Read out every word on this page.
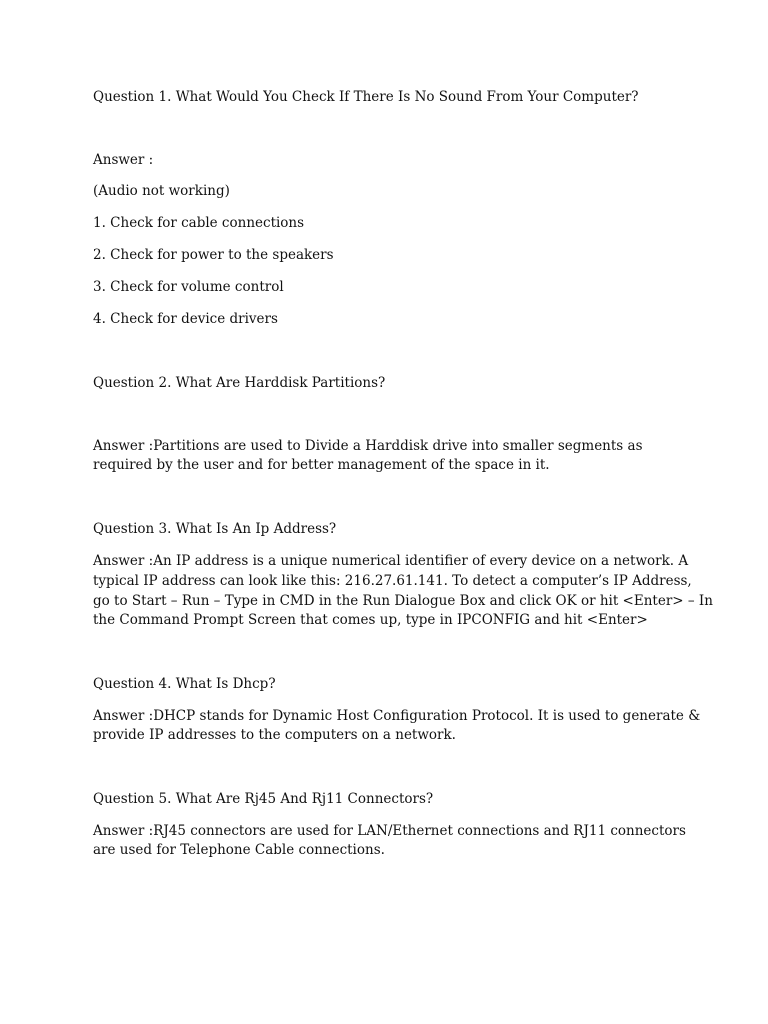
Question 1. What Would You Check If There Is No Sound From Your Computer?

Answer :

(Audio not working)

1. Check for cable connections

2. Check for power to the speakers

3. Check for volume control

4. Check for device drivers

Question 2. What Are Harddisk Partitions?

Answer :Partitions are used to Divide a Harddisk drive into smaller segments as

required by the user and for better management of the space in it.

Question 3. What Is An Ip Address?

Answer :An IP address is a unique numerical identifier of every device on a network. A

typical IP address can look like this: 216.27.61.141. To detect a computer’s IP Address,

go to Start – Run – Type in CMD in the Run Dialogue Box and click OK or hit <Enter> – In

the Command Prompt Screen that comes up, type in IPCONFIG and hit <Enter>

Question 4. What Is Dhcp?

Answer :DHCP stands for Dynamic Host Configuration Protocol. It is used to generate &

provide IP addresses to the computers on a network.

Question 5. What Are Rj45 And Rj11 Connectors?

Answer :RJ45 connectors are used for LAN/Ethernet connections and RJ11 connectors

are used for Telephone Cable connections.
